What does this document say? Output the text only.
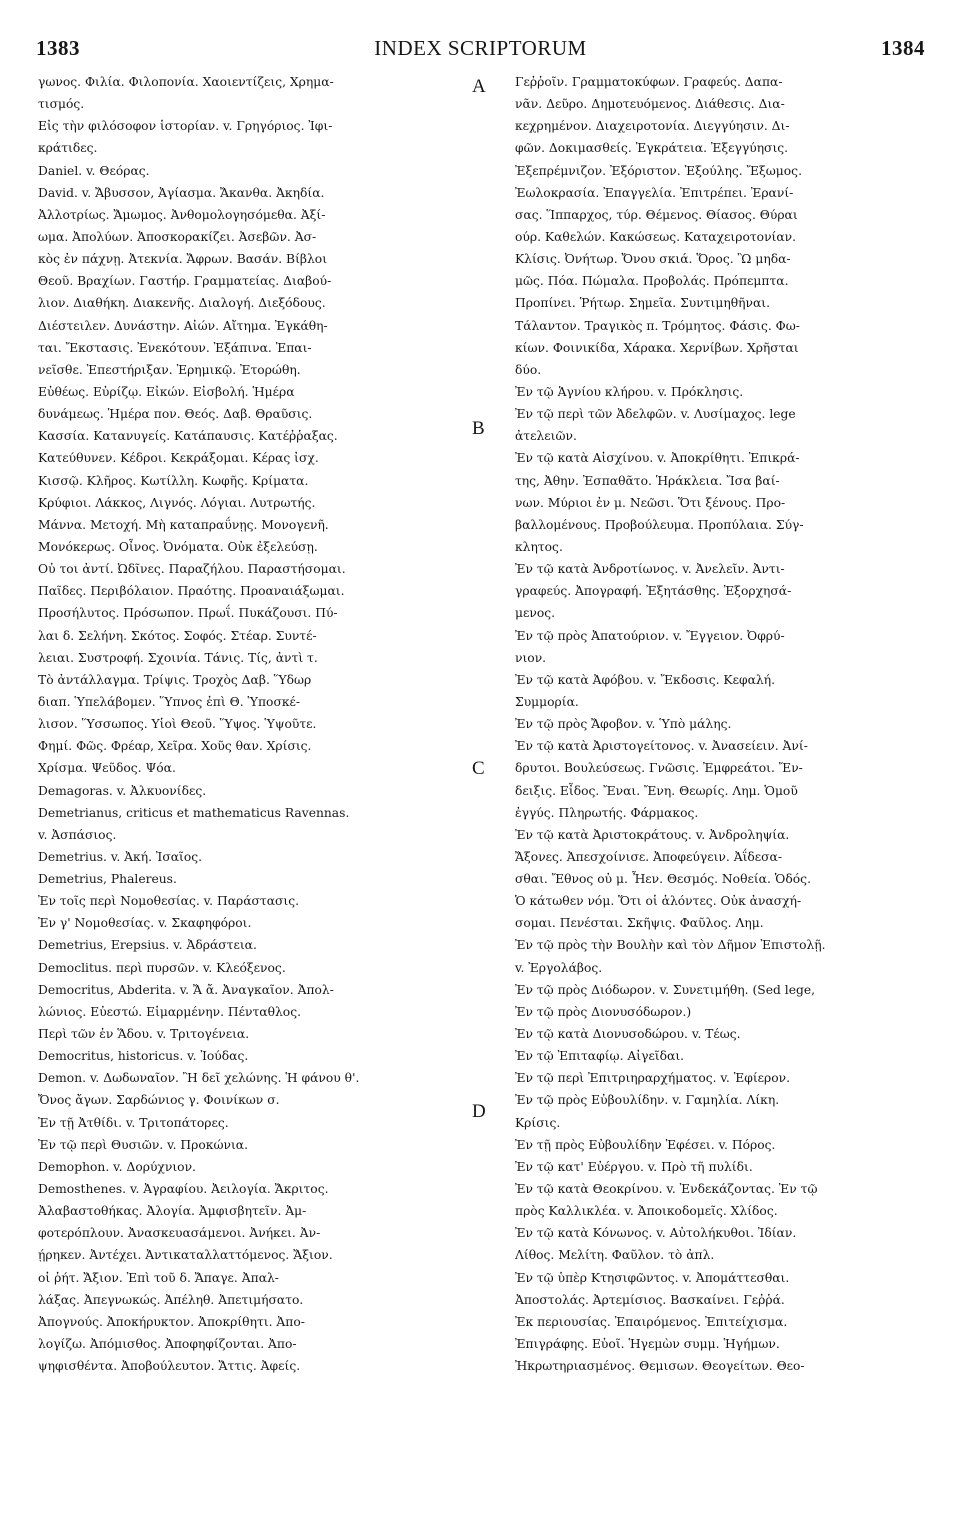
1383	INDEX SCRIPTORUM	1384
A
B
C
D
γωνος. Φιλία. Φιλοπονία. Χαοιεντίζεις, Χρημα-
τισμός.
Εἰς τὴν φιλόσοφον ἱστορίαν. v. Γρηγόριος. Ἰφι-
κράτιδες.
Daniel. v. Θεόρας.
David. v. Ἄβυσσον, Ἀγίασμα. Ἄκανθα. Ἀκηδία.
Ἀλλοτρίως. Ἄμωμος. Ἀνθομολογησόμεθα. Ἀξί-
ωμα. Ἀπολύων. Ἀποσκορακίζει. Ἀσεβῶν. Ἀσ-
κὸς ἐν πάχνῃ. Ἀτεκνία. Ἄφρων. Βασάν. Βίβλοι
Θεοῦ. Βραχίων. Γαστήρ. Γραμματείας. Διαβού-
λιον. Διαθήκη. Διακενῆς. Διαλογή. Διεξόδους.
Διέστειλεν. Δυνάστην. Αἰών. Αἴτημα. Ἐγκάθη-
ται. Ἔκστασις. Ἐνεκότουν. Ἐξάπινα. Ἐπαι-
νεῖσθε. Ἐπεστήριξαν. Ἐρημικῷ. Ἐτορώθη.
Εὐθέως. Εὐρίζῳ. Εἰκών. Εἰσβολή. Ἡμέρα
δυνάμεως. Ἡμέρα πον. Θεός. Δαβ. Θραῦσις.
Κασσία. Κατανυγείς. Κατάπαυσις. Κατέῤῥαξας.
Κατεύθυνεν. Κέδροι. Κεκράξομαι. Κέρας ἰσχ.
Κισσῷ. Κλῆρος. Κωτίλλη. Κωφῆς. Κρίματα.
Κρύφιοι. Λάκκος, Λιγνός. Λόγιαι. Λυτρωτής.
Μάννα. Μετοχή. Μὴ καταπραΰνῃς. Μονογενῆ.
Μονόκερως. Οἶνος. Ὀνόματα. Οὐκ ἐξελεύσῃ.
Οὐ τοι ἀντί. Ὠδῖνες. Παραζήλου. Παραστήσομαι.
Παῖδες. Περιβόλαιον. Πραότης. Προαναιάξωμαι.
Προσήλυτος. Πρόσωπον. Πρωΐ. Πυκάζουσι. Πύ-
λαι δ. Σελήνη. Σκότος. Σοφός. Στέαρ. Συντέ-
λειαι. Συστροφή. Σχοινία. Τάνις. Τίς, ἀντὶ τ.
Τὸ ἀντάλλαγμα. Τρίψις. Τροχὸς Δαβ. Ὕδωρ
διαπ. Ὑπελάβομεν. Ὕπνος ἐπὶ Θ. Ὑποσκέ-
λισον. Ὕσσωπος. Υἱοὶ Θεοῦ. Ὕψος. Ὑψοῦτε.
Φημί. Φῶς. Φρέαρ, Χεῖρα. Χοῦς θαν. Χρίσις.
Χρίσμα. Ψεῦδος. Ψόα.
Demagoras. v. Ἀλκυονίδες.
Demetrianus, criticus et mathematicus Ravennas.
v. Ἀσπάσιος.
Demetrius. v. Ἀκή. Ἰσαῖος.
Demetrius, Phalereus.
Ἐν τοῖς περὶ Νομοθεσίας. v. Παράστασις.
Ἐν γ' Νομοθεσίας. v. Σκαφηφόροι.
Demetrius, Erepsius. v. Ἀδράστεια.
Democlitus. περὶ πυρσῶν. v. Κλεόξενος.
Democritus, Abderita. v. Ἄ ἄ. Ἀναγκαῖον. Ἀπολ-
λώνιος. Εὐεστώ. Εἱμαρμένην. Πένταθλος.
Περὶ τῶν ἐν Ἅδου. v. Τριτογένεια.
Democritus, historicus. v. Ἰούδας.
Demon. v. Δωδωναῖον. Ἢ δεῖ χελώνης. Ἡ φάνου θ'.
Ὄνος ἄγων. Σαρδώνιος γ. Φοινίκων σ.
Ἐν τῇ Ἀτθίδι. v. Τριτοπάτορες.
Ἐν τῷ περὶ Θυσιῶν. v. Προκώνια.
Demophon. v. Δορύχνιον.
Demosthenes. v. Ἀγραφίου. Ἀειλογία. Ἄκριτος.
Ἀλαβαστοθήκας. Ἀλογία. Ἀμφισβητεῖν. Ἀμ-
φοτερόπλουν. Ἀνασκευασάμενοι. Ἀνήκει. Ἀν-
ῄρηκεν. Ἀντέχει. Ἀντικαταλλαττόμενος. Ἄξιον.
οἱ ῥήτ. Ἄξιον. Ἐπὶ τοῦ δ. Ἄπαγε. Ἀπαλ-
λάξας. Ἀπεγνωκώς. Ἀπέληθ. Ἀπετιμήσατο.
Ἀπογνούς. Ἀποκήρυκτον. Ἀποκρίθητι. Ἀπο-
λογίζω. Ἀπόμισθος. Ἀποφηφίζονται. Ἀπο-
ψηφισθέντα. Ἀποβούλευτον. Ἄττις. Ἀφείς.
Γεῤῥοῖν. Γραμματοκύφων. Γραφεύς. Δαπα-
νᾶν. Δεῦρο. Δημοτευόμενος. Διάθεσις. Δια-
κεχρημένον. Διαχειροτονία. Διεγγύησιν. Δι-
φῶν. Δοκιμασθείς. Ἐγκράτεια. Ἐξεγγύησις.
Ἐξεπρέμνιζον. Ἐξόριστον. Ἐξούλης. Ἔξωμος.
Ἐωλοκρασία. Ἐπαγγελία. Ἐπιτρέπει. Ἐρανί-
σας. Ἵππαρχος, τύρ. Θέμενος. Θίασος. Θύραι
ούρ. Καθελών. Κακώσεως. Καταχειροτονίαν.
Κλίσις. Ὀνήτωρ. Ὄνου σκιά. Ὅρος. Ὢ μηδα-
μῶς. Πόα. Πώμαλα. Προβολάς. Πρόπεμπτα.
Προπίνει. Ῥήτωρ. Σημεῖα. Συντιμηθῆναι.
Τάλαντον. Τραγικὸς π. Τρόμητος. Φάσις. Φω-
κίων. Φοινικίδα, Χάρακα. Χερνίβων. Χρῆσται
δύο.
Ἐν τῷ Ἁγνίου κλήρου. v. Πρόκλησις.
Ἐν τῷ περὶ τῶν Ἀδελφῶν. v. Λυσίμαχος. lege
ἀτελειῶν.
Ἐν τῷ κατὰ Αἰσχίνου. v. Ἀποκρίθητι. Ἐπικρά-
της, Ἀθην. Ἐσπαθᾶτο. Ἡράκλεια. Ἴσα βαί-
νων. Μύριοι ἐν μ. Νεῶσι. Ὅτι ξένους. Προ-
βαλλομένους. Προβούλευμα. Προπύλαια. Σύγ-
κλητος.
Ἐν τῷ κατὰ Ἀνδροτίωνος. v. Ἀνελεῖν. Ἀντι-
γραφεύς. Ἀπογραφή. Ἐξητάσθης. Ἐξορχησά-
μενος.
Ἐν τῷ πρὸς Ἀπατούριον. v. Ἔγγειον. Ὀφρύ-
νιον.
Ἐν τῷ κατὰ Ἀφόβου. v. Ἔκδοσις. Κεφαλή.
Συμμορία.
Ἐν τῷ πρὸς Ἄφοβον. v. Ὑπὸ μάλης.
Ἐν τῷ κατὰ Ἀριστογείτονος. v. Ἀνασείειν. Ἀνί-
δρυτοι. Βουλεύσεως. Γνῶσις. Ἐμφρεάτοι. Ἔν-
δειξις. Εἶδος. Ἔναι. Ἔνη. Θεωρίς. Λημ. Ὁμοῦ
ἐγγύς. Πληρωτής. Φάρμακος.
Ἐν τῷ κατὰ Ἀριστοκράτους. v. Ἀνδροληψία.
Ἄξονες. Ἀπεσχοίνισε. Ἀποφεύγειν. Ἀΐδεσα-
σθαι. Ἔθνος οὐ μ. Ἦεν. Θεσμός. Νοθεία. Ὁδός.
Ὁ κάτωθεν νόμ. Ὅτι οἱ ἁλόντες. Οὐκ ἀνασχή-
σομαι. Πενέσται. Σκῆψις. Φαῦλος. Λημ.
Ἐν τῷ πρὸς τὴν Βουλὴν καὶ τὸν Δῆμον Ἐπιστολῇ.
v. Ἐργολάβος.
Ἐν τῷ πρὸς Διόδωρον. v. Συνετιμήθη. (Sed lege,
Ἐν τῷ πρὸς Διονυσόδωρον.)
Ἐν τῷ κατὰ Διονυσοδώρου. v. Τέως.
Ἐν τῷ Ἐπιταφίῳ. Αἰγεῖδαι.
Ἐν τῷ περὶ Ἐπιτριηραρχήματος. v. Ἐφίερον.
Ἐν τῷ πρὸς Εὐβουλίδην. v. Γαμηλία. Λίκη.
Κρίσις.
Ἐν τῇ πρὸς Εὐβουλίδην Ἐφέσει. v. Πόρος.
Ἐν τῷ κατ' Εὐέργου. v. Πρὸ τῆ πυλίδι.
Ἐν τῷ κατὰ Θεοκρίνου. v. Ἐνδεκάζοντας. Ἐν τῷ
πρὸς Καλλικλέα. v. Ἀποικοδομεῖς. Χλίδος.
Ἐν τῷ κατὰ Κόνωνος. v. Αὐτολήκυθοι. Ἰδίαν.
Λίθος. Μελίτη. Φαῦλον. τὸ ἀπλ.
Ἐν τῷ ὑπὲρ Κτησιφῶντος. v. Ἀπομάττεσθαι.
Ἀποστολάς. Ἀρτεμίσιος. Βασκαίνει. Γεῤῥά.
Ἐκ περιουσίας. Ἐπαιρόμενος. Ἐπιτείχισμα.
Ἐπιγράφης. Εὐοῖ. Ἡγεμὼν συμμ. Ἡγήμων.
Ἠκρωτηριασμένος. Θεμισων. Θεογείτων. Θεο-
